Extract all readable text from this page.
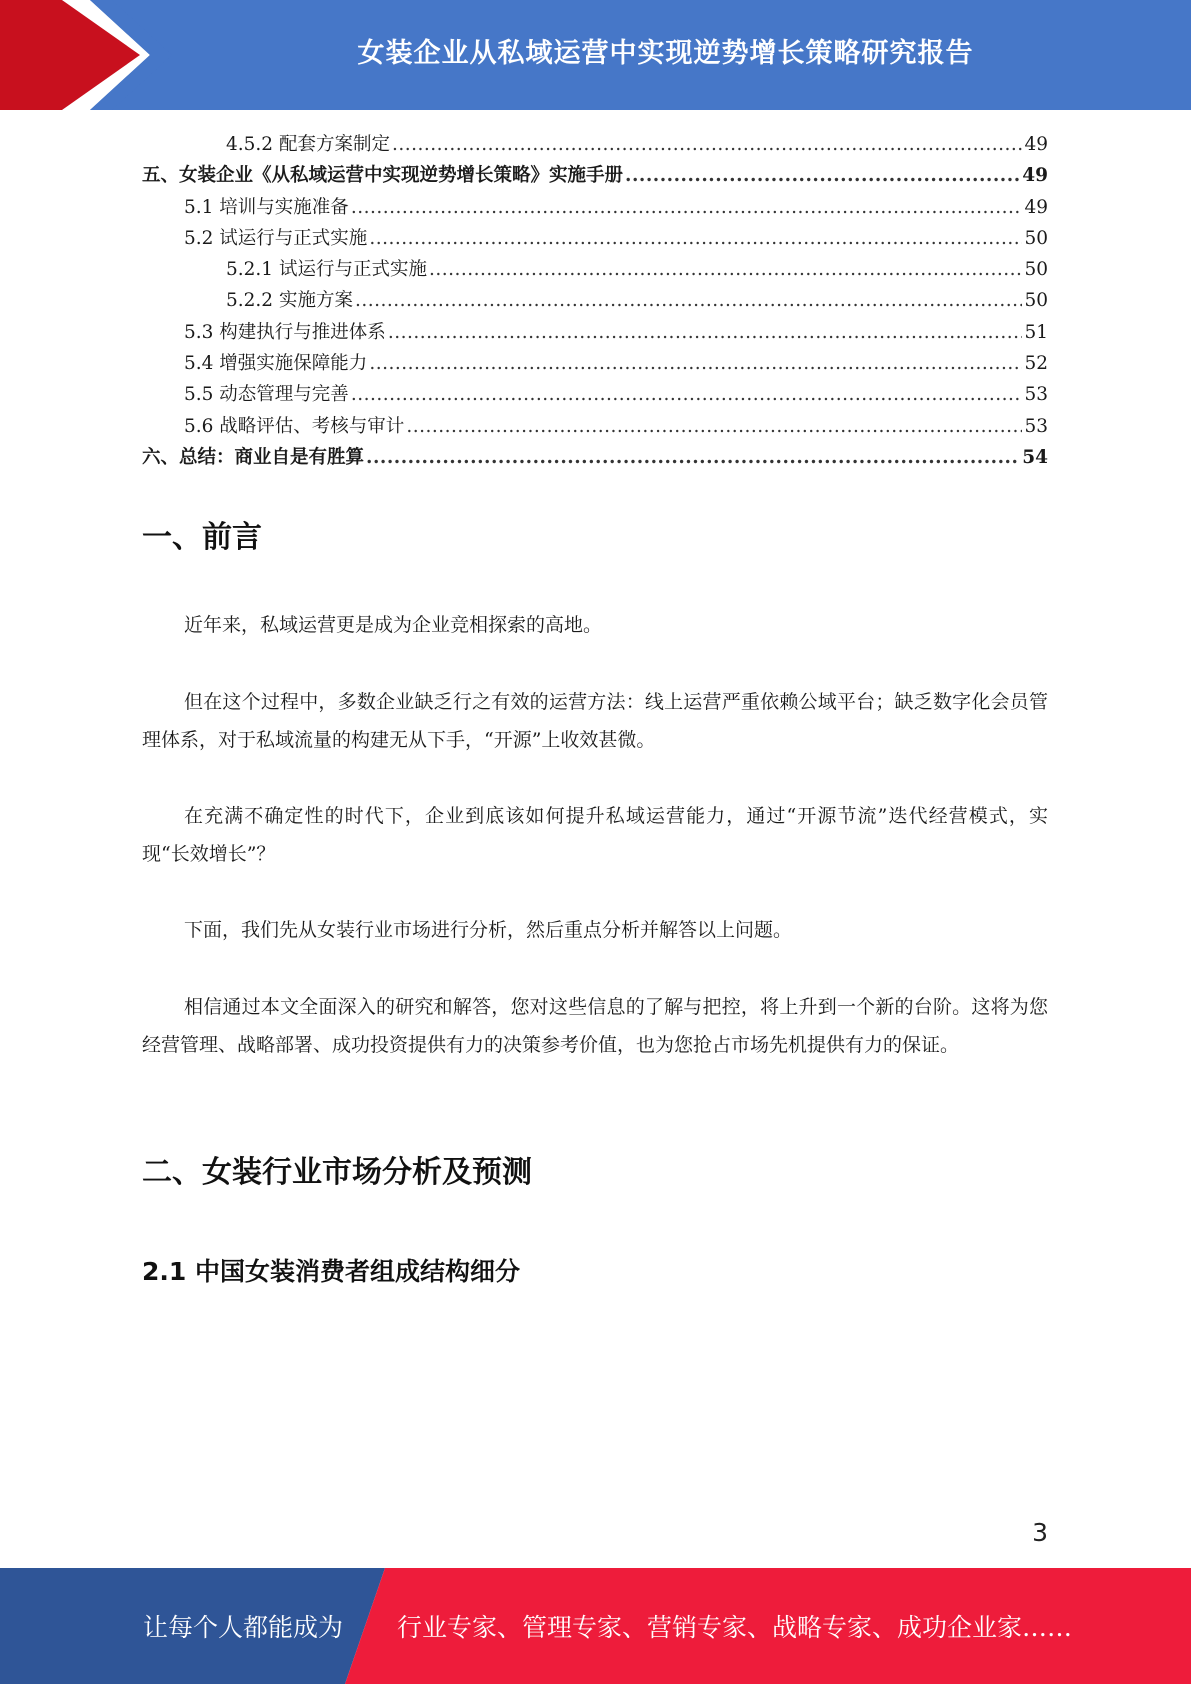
女装企业从私域运营中实现逆势增长策略研究报告
4.5.2 配套方案制定 .....	49
五、女装企业《从私域运营中实现逆势增长策略》实施手册 .....	49
5.1 培训与实施准备 .....	49
5.2 试运行与正式实施 .....	50
5.2.1 试运行与正式实施 .....	50
5.2.2 实施方案 .....	50
5.3 构建执行与推进体系 .....	51
5.4 增强实施保障能力 .....	52
5.5 动态管理与完善 .....	53
5.6 战略评估、考核与审计 .....	53
六、总结：商业自是有胜算 .....	54
一、前言

近年来，私域运营更是成为企业竞相探索的高地。

但在这个过程中，多数企业缺乏行之有效的运营方法：线上运营严重依赖公域平台；缺乏数字化会员管理体系，对于私域流量的构建无从下手，“开源”上收效甚微。

在充满不确定性的时代下，企业到底该如何提升私域运营能力，通过“开源节流”迭代经营模式，实现“长效增长”？

下面，我们先从女装行业市场进行分析，然后重点分析并解答以上问题。

相信通过本文全面深入的研究和解答，您对这些信息的了解与把控，将上升到一个新的台阶。这将为您经营管理、战略部署、成功投资提供有力的决策参考价值，也为您抢占市场先机提供有力的保证。

二、女装行业市场分析及预测
2.1 中国女装消费者组成结构细分
3
让每个人都能成为 行业专家、管理专家、营销专家、战略专家、成功企业家……
